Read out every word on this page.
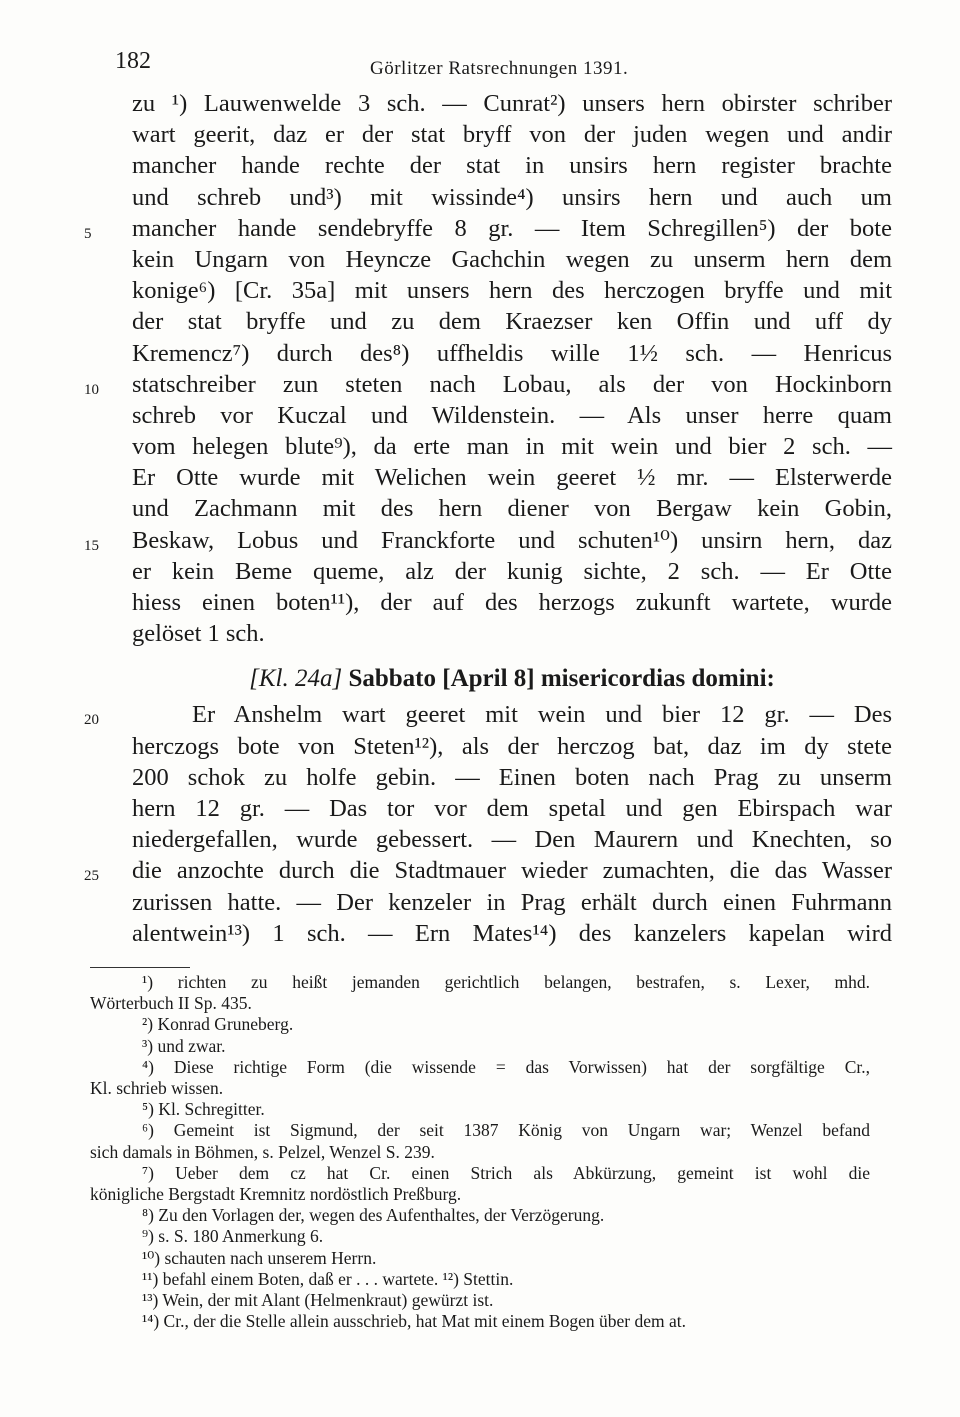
182	Görlitzer Ratsrechnungen 1391.
zu ¹) Lauwenwelde 3 sch. — Cunrat²) unsers hern obirster schriber
wart geerit, daz er der stat bryff von der juden wegen und andir
mancher hande rechte der stat in unsirs hern register brachte
und schreb und³) mit wissinde⁴) unsirs hern und auch um
5	mancher hande sendebryffe 8 gr. — Item Schregillen⁵) der bote
kein Ungarn von Heyncze Gachchin wegen zu unserm hern dem
konige⁶) [Cr. 35a] mit unsers hern des herczogen bryffe und mit
der stat bryffe und zu dem Kraezser ken Offin und uff dy
Kremencz⁷) durch des⁸) uffheldis wille 1½ sch. — Henricus
10	statschreiber zun steten nach Lobau, als der von Hockinborn
schreb vor Kuczal und Wildenstein. — Als unser herre quam
vom helegen blute⁹), da erte man in mit wein und bier 2 sch. —
Er Otte wurde mit Welichen wein geeret ½ mr. — Elsterwerde
und Zachmann mit des hern diener von Bergaw kein Gobin,
15	Beskaw, Lobus und Franckforte und schuten¹⁰) unsirn hern, daz
er kein Beme queme, alz der kunig sichte, 2 sch. — Er Otte
hiess einen boten¹¹), der auf des herzogs zukunft wartete, wurde
gelöset 1 sch.
[Kl. 24a] Sabbato [April 8] misericordias domini:
20	Er Anshelm wart geeret mit wein und bier 12 gr. — Des
herczogs bote von Steten¹²), als der herczog bat, daz im dy stete
200 schok zu holfe gebin. — Einen boten nach Prag zu unserm
hern 12 gr. — Das tor vor dem spetal und gen Ebirspach war
niedergefallen, wurde gebessert. — Den Maurern und Knechten, so
25	die anzochte durch die Stadtmauer wieder zumachten, die das Wasser
zurissen hatte. — Der kenzeler in Prag erhält durch einen Fuhrmann
alentwein¹³) 1 sch. — Ern Mates¹⁴) des kanzelers kapelan wird
¹) richten zu heißt jemanden gerichtlich belangen, bestrafen, s. Lexer, mhd.
Wörterbuch II Sp. 435.
²) Konrad Gruneberg.
³) und zwar.
⁴) Diese richtige Form (die wissende = das Vorwissen) hat der sorgfältige Cr.,
Kl. schrieb wissen.
⁵) Kl. Schregitter.
⁶) Gemeint ist Sigmund, der seit 1387 König von Ungarn war; Wenzel befand
sich damals in Böhmen, s. Pelzel, Wenzel S. 239.
⁷) Ueber dem cz hat Cr. einen Strich als Abkürzung, gemeint ist wohl die
königliche Bergstadt Kremnitz nordöstlich Preßburg.
⁸) Zu den Vorlagen der, wegen des Aufenthaltes, der Verzögerung.
⁹) s. S. 180 Anmerkung 6.
¹⁰) schauten nach unserem Herrn.
¹¹) befahl einem Boten, daß er . . . wartete. ¹²) Stettin.
¹³) Wein, der mit Alant (Helmenkraut) gewürzt ist.
¹⁴) Cr., der die Stelle allein ausschrieb, hat Mat mit einem Bogen über dem at.
